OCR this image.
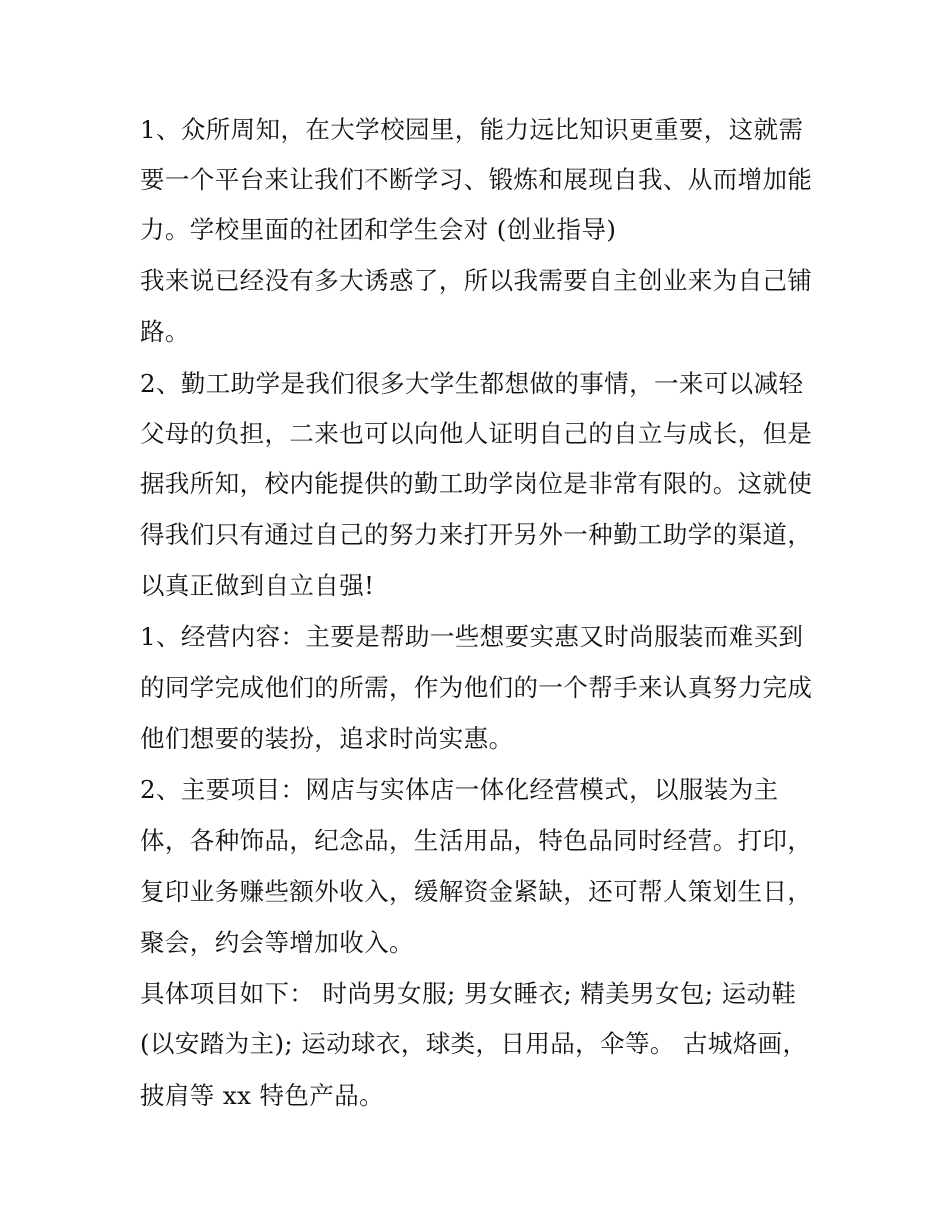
1、众所周知，在大学校园里，能力远比知识更重要，这就需
要一个平台来让我们不断学习、锻炼和展现自我、从而增加能
力。学校里面的社团和学生会对 (创业指导)
我来说已经没有多大诱惑了，所以我需要自主创业来为自己铺
路。
2、勤工助学是我们很多大学生都想做的事情，一来可以减轻
父母的负担，二来也可以向他人证明自己的自立与成长，但是
据我所知，校内能提供的勤工助学岗位是非常有限的。这就使
得我们只有通过自己的努力来打开另外一种勤工助学的渠道，
以真正做到自立自强!
1、经营内容：主要是帮助一些想要实惠又时尚服装而难买到
的同学完成他们的所需，作为他们的一个帮手来认真努力完成
他们想要的装扮，追求时尚实惠。
2、主要项目：网店与实体店一体化经营模式，以服装为主
体，各种饰品，纪念品，生活用品，特色品同时经营。打印，
复印业务赚些额外收入，缓解资金紧缺，还可帮人策划生日，
聚会，约会等增加收入。
具体项目如下： 时尚男女服; 男女睡衣; 精美男女包; 运动鞋
(以安踏为主); 运动球衣，球类，日用品，伞等。 古城烙画，
披肩等 xx 特色产品。
